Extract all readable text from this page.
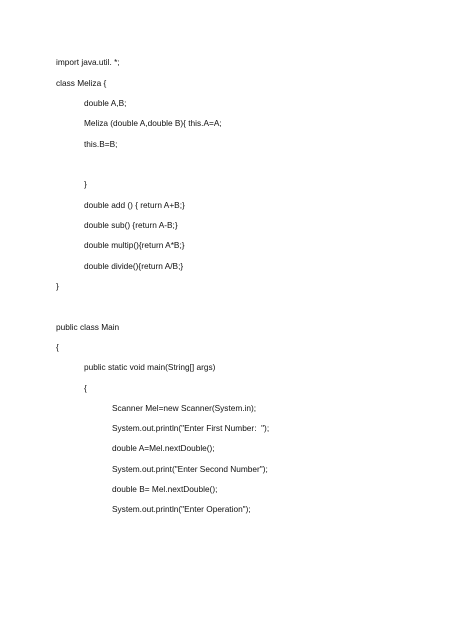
import java.util. *;
class Meliza {
double A,B;
Meliza (double A,double B){ this.A=A;
this.B=B;
}
double add () { return A+B;}
double sub() {return A-B;}
double multip(){return A*B;}
double divide(){return A/B;}
}
public class Main
{
public static void main(String[] args)
{
Scanner Mel=new Scanner(System.in);
System.out.println("Enter First Number:  ");
double A=Mel.nextDouble();
System.out.print("Enter Second Number");
double B= Mel.nextDouble();
System.out.println("Enter Operation");
